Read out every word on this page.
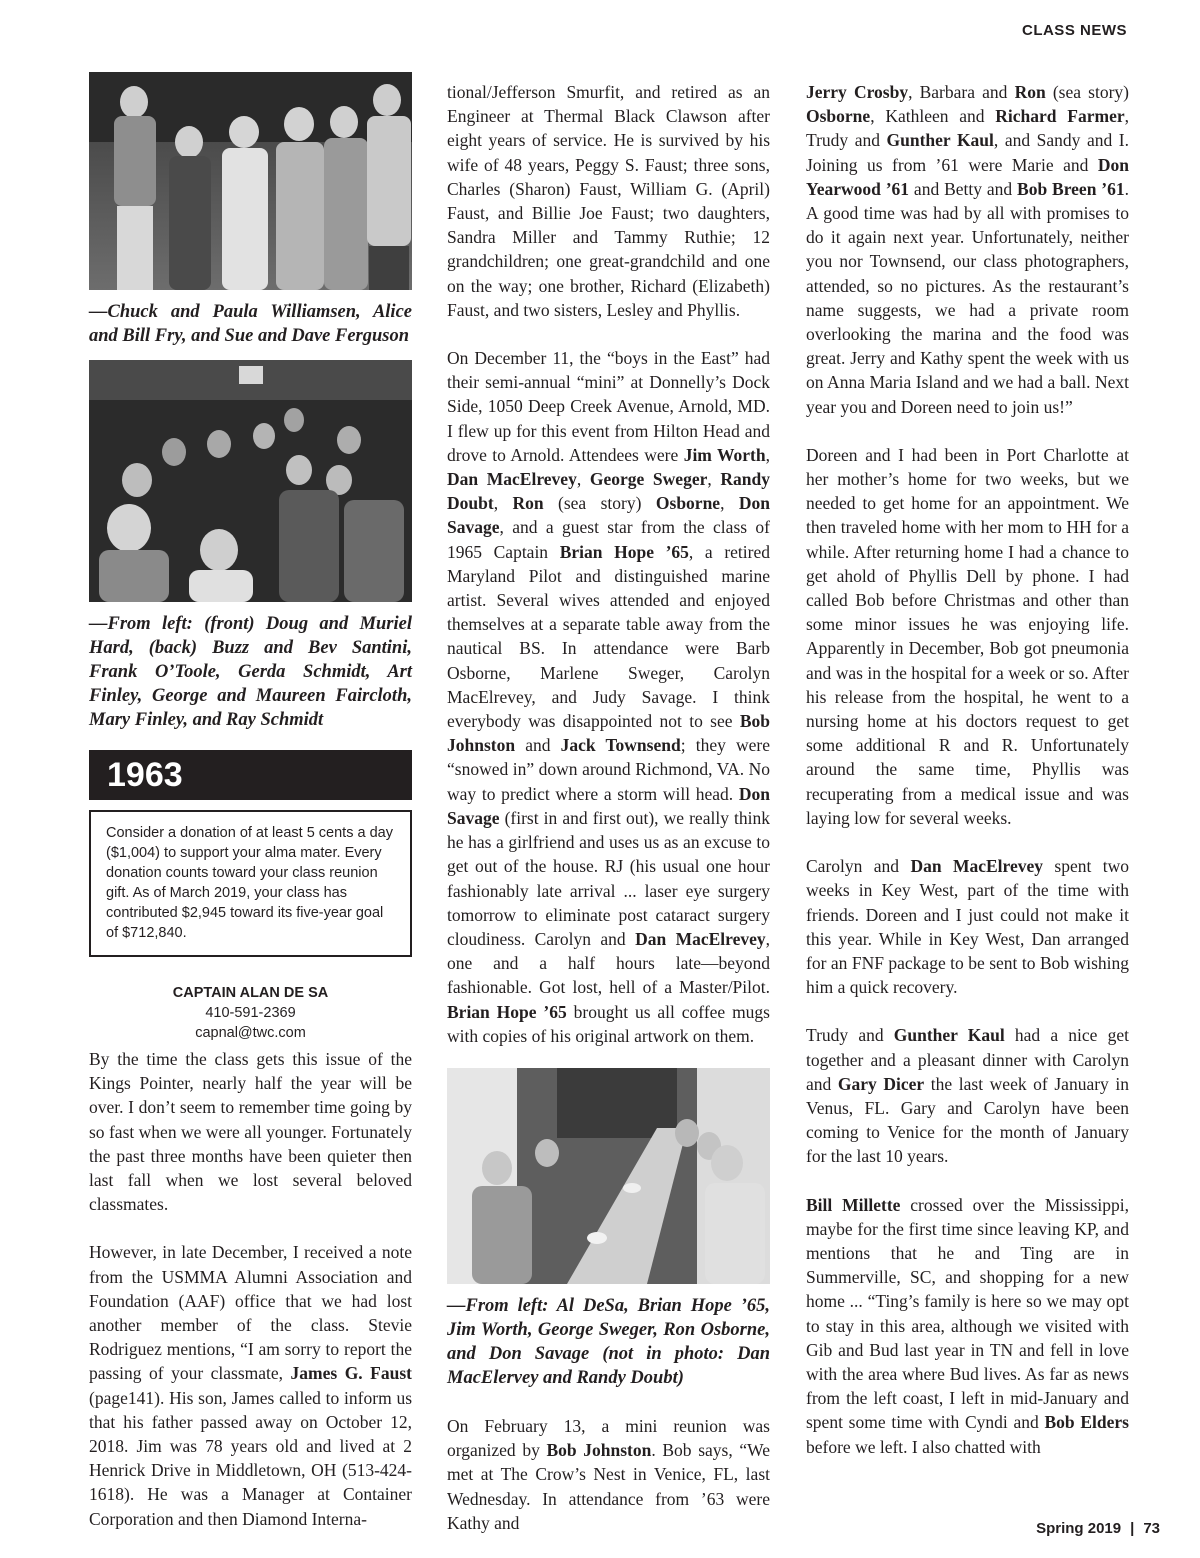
CLASS NEWS

—Chuck and Paula Williamsen, Alice and Bill Fry, and Sue and Dave Ferguson

—From left: (front) Doug and Muriel Hard, (back) Buzz and Bev Santini, Frank O’Toole, Gerda Schmidt, Art Finley, George and Maureen Faircloth, Mary Finley, and Ray Schmidt

1963
Consider a donation of at least 5 cents a day ($1,004) to support your alma mater. Every donation counts toward your class reunion gift. As of March 2019, your class has contributed $2,945 toward its five-year goal of $712,840.
CAPTAIN ALAN DE SA
410-591-2369
capnal@twc.com

By the time the class gets this issue of the Kings Pointer, nearly half the year will be over. I don’t seem to remember time going by so fast when we were all younger. Fortunately the past three months have been quieter then last fall when we lost several beloved classmates.

However, in late December, I received a note from the USMMA Alumni Association and Foundation (AAF) office that we had lost another member of the class. Stevie Rodriguez mentions, “I am sorry to report the passing of your classmate, James G. Faust (page141). His son, James called to inform us that his father passed away on October 12, 2018. Jim was 78 years old and lived at 2 Henrick Drive in Middletown, OH (513-424-1618). He was a Manager at Container Corporation and then Diamond Interna-

tional/Jefferson Smurfit, and retired as an Engineer at Thermal Black Clawson after eight years of service. He is survived by his wife of 48 years, Peggy S. Faust; three sons, Charles (Sharon) Faust, William G. (April) Faust, and Billie Joe Faust; two daughters, Sandra Miller and Tammy Ruthie; 12 grandchildren; one great-grandchild and one on the way; one brother, Richard (Elizabeth) Faust, and two sisters, Lesley and Phyllis.

On December 11, the “boys in the East” had their semi-annual “mini” at Donnelly’s Dock Side, 1050 Deep Creek Avenue, Arnold, MD. I flew up for this event from Hilton Head and drove to Arnold. Attendees were Jim Worth, Dan MacElrevey, George Sweger, Randy Doubt, Ron (sea story) Osborne, Don Savage, and a guest star from the class of 1965 Captain Brian Hope ’65, a retired Maryland Pilot and distinguished marine artist. Several wives attended and enjoyed themselves at a separate table away from the nautical BS. In attendance were Barb Osborne, Marlene Sweger, Carolyn MacElrevey, and Judy Savage. I think everybody was disappointed not to see Bob Johnston and Jack Townsend; they were “snowed in” down around Richmond, VA. No way to predict where a storm will head. Don Savage (first in and first out), we really think he has a girlfriend and uses us as an excuse to get out of the house. RJ (his usual one hour fashionably late arrival ... laser eye surgery tomorrow to eliminate post cataract surgery cloudiness. Carolyn and Dan MacElrevey, one and a half hours late—beyond fashionable. Got lost, hell of a Master/Pilot. Brian Hope ’65 brought us all coffee mugs with copies of his original artwork on them.

—From left: Al DeSa, Brian Hope ’65, Jim Worth, George Sweger, Ron Osborne, and Don Savage (not in photo: Dan MacElervey and Randy Doubt)

On February 13, a mini reunion was organized by Bob Johnston. Bob says, “We met at The Crow’s Nest in Venice, FL, last Wednesday. In attendance from ’63 were Kathy and

Jerry Crosby, Barbara and Ron (sea story) Osborne, Kathleen and Richard Farmer, Trudy and Gunther Kaul, and Sandy and I. Joining us from ’61 were Marie and Don Yearwood ’61 and Betty and Bob Breen ’61. A good time was had by all with promises to do it again next year. Unfortunately, neither you nor Townsend, our class photographers, attended, so no pictures. As the restaurant’s name suggests, we had a private room overlooking the marina and the food was great. Jerry and Kathy spent the week with us on Anna Maria Island and we had a ball. Next year you and Doreen need to join us!”

Doreen and I had been in Port Charlotte at her mother’s home for two weeks, but we needed to get home for an appointment. We then traveled home with her mom to HH for a while. After returning home I had a chance to get ahold of Phyllis Dell by phone. I had called Bob before Christmas and other than some minor issues he was enjoying life. Apparently in December, Bob got pneumonia and was in the hospital for a week or so. After his release from the hospital, he went to a nursing home at his doctors request to get some additional R and R. Unfortunately around the same time, Phyllis was recuperating from a medical issue and was laying low for several weeks.

Carolyn and Dan MacElrevey spent two weeks in Key West, part of the time with friends. Doreen and I just could not make it this year. While in Key West, Dan arranged for an FNF package to be sent to Bob wishing him a quick recovery.

Trudy and Gunther Kaul had a nice get together and a pleasant dinner with Carolyn and Gary Dicer the last week of January in Venus, FL. Gary and Carolyn have been coming to Venice for the month of January for the last 10 years.

Bill Millette crossed over the Mississippi, maybe for the first time since leaving KP, and mentions that he and Ting are in Summerville, SC, and shopping for a new home ... “Ting’s family is here so we may opt to stay in this area, although we visited with Gib and Bud last year in TN and fell in love with the area where Bud lives. As far as news from the left coast, I left in mid-January and spent some time with Cyndi and Bob Elders before we left. I also chatted with

Spring 2019 | 73
